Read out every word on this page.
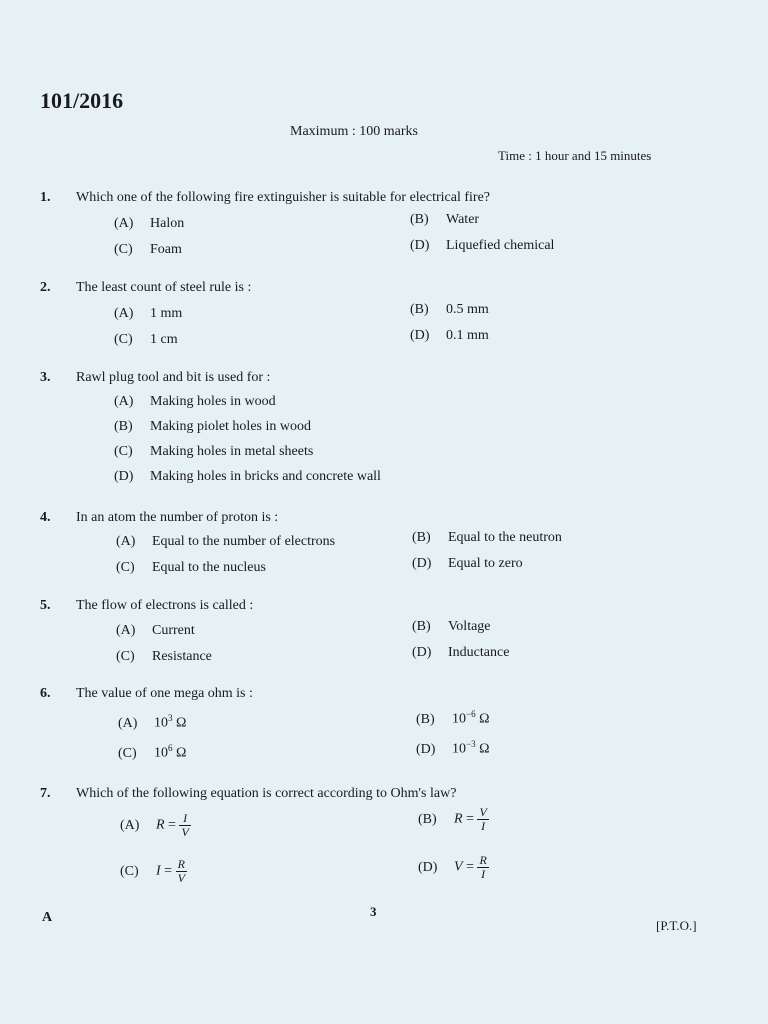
101/2016
Maximum : 100 marks
Time : 1 hour and 15 minutes
1. Which one of the following fire extinguisher is suitable for electrical fire?
(A) Halon	(B) Water
(C) Foam	(D) Liquefied chemical
2. The least count of steel rule is :
(A) 1 mm	(B) 0.5 mm
(C) 1 cm	(D) 0.1 mm
3. Rawl plug tool and bit is used for :
(A) Making holes in wood
(B) Making piolet holes in wood
(C) Making holes in metal sheets
(D) Making holes in bricks and concrete wall
4. In an atom the number of proton is :
(A) Equal to the number of electrons	(B) Equal to the neutron
(C) Equal to the nucleus	(D) Equal to zero
5. The flow of electrons is called :
(A) Current	(B) Voltage
(C) Resistance	(D) Inductance
6. The value of one mega ohm is :
(A) $10^3$ Ω	(B) $10^{-6}$ Ω
(C) $10^6$ Ω	(D) $10^{-3}$ Ω
7. Which of the following equation is correct according to Ohm's law?
(A) $R = \frac{I}{V}$	(B) $R = \frac{V}{I}$
(C) $I = \frac{R}{V}$	(D) $V = \frac{R}{I}$
A	3
[P.T.O.]
